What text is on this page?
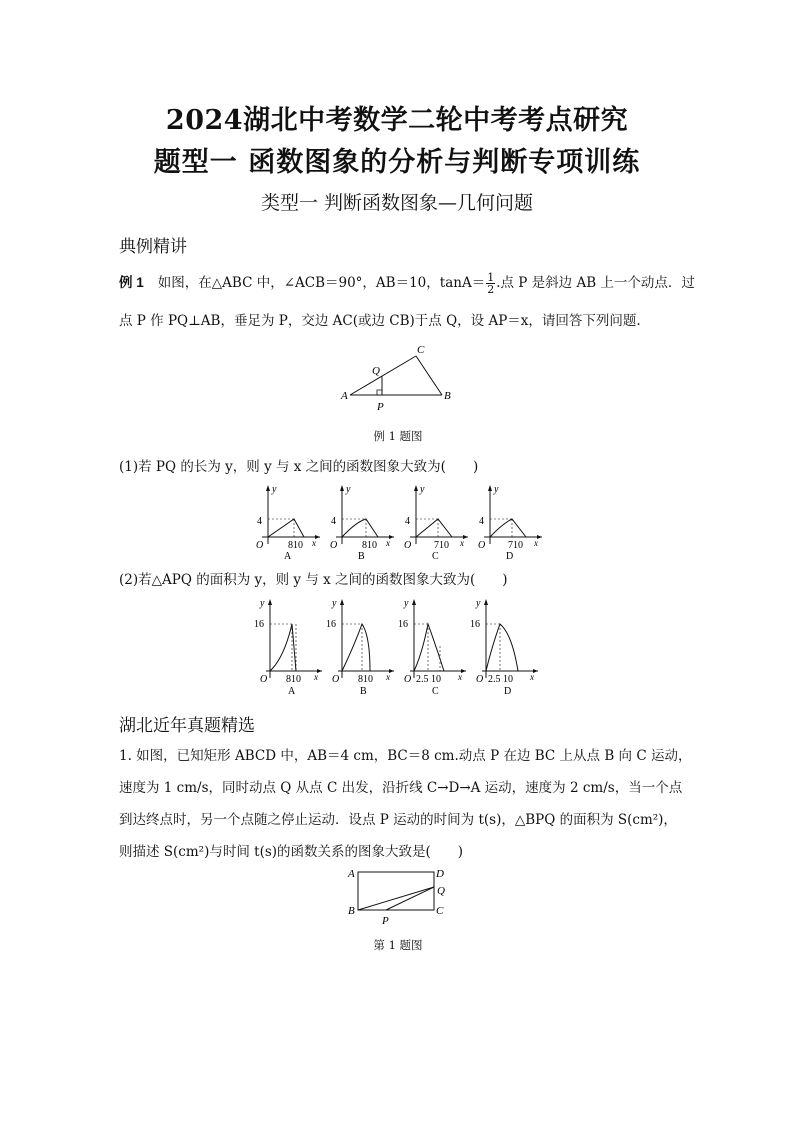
2024湖北中考数学二轮中考考点研究
题型一 函数图象的分析与判断专项训练
类型一 判断函数图象—几何问题
典例精讲
例 1 如图，在△ABC 中，∠ACB＝90°，AB＝10，$\tan A= \frac{1}{2}$ .点 P 是斜边 AB 上一个动点．过
点 P 作 PQ⊥AB，垂足为 P，交边 AC(或边 CB)于点 Q，设 AP＝x，请回答下列问题.
A	B
C
P
Q
例 1 题图
(1)若 PQ 的长为 y，则 y 与 x 之间的函数图象大致为(　　)
y
4
O 810 x
A
y
4
O 810 x
B
y
4
O 710 x
C
y
4
O 710 x
D
(2)若△APQ 的面积为 y，则 y 与 x 之间的函数图象大致为(　　)
y
16
O 810 x
A
y
16
O 810 x
B
y
16
O 2.5 10 x
C
y
16
O 2.5 10 x
D
湖北近年真题精选
1. 如图，已知矩形 ABCD 中，AB＝4 cm，BC＝8 cm.动点 P 在边 BC 上从点 B 向 C 运动，
速度为 1 cm/s，同时动点 Q 从点 C 出发，沿折线 C→D→A 运动，速度为 2 cm/s，当一个点
到达终点时，另一个点随之停止运动．设点 P 运动的时间为 t(s)，△BPQ 的面积为 S(cm²)，
则描述 S(cm²)与时间 t(s)的函数关系的图象大致是(　　)
A
B	C
D
Q
P
第 1 题图
